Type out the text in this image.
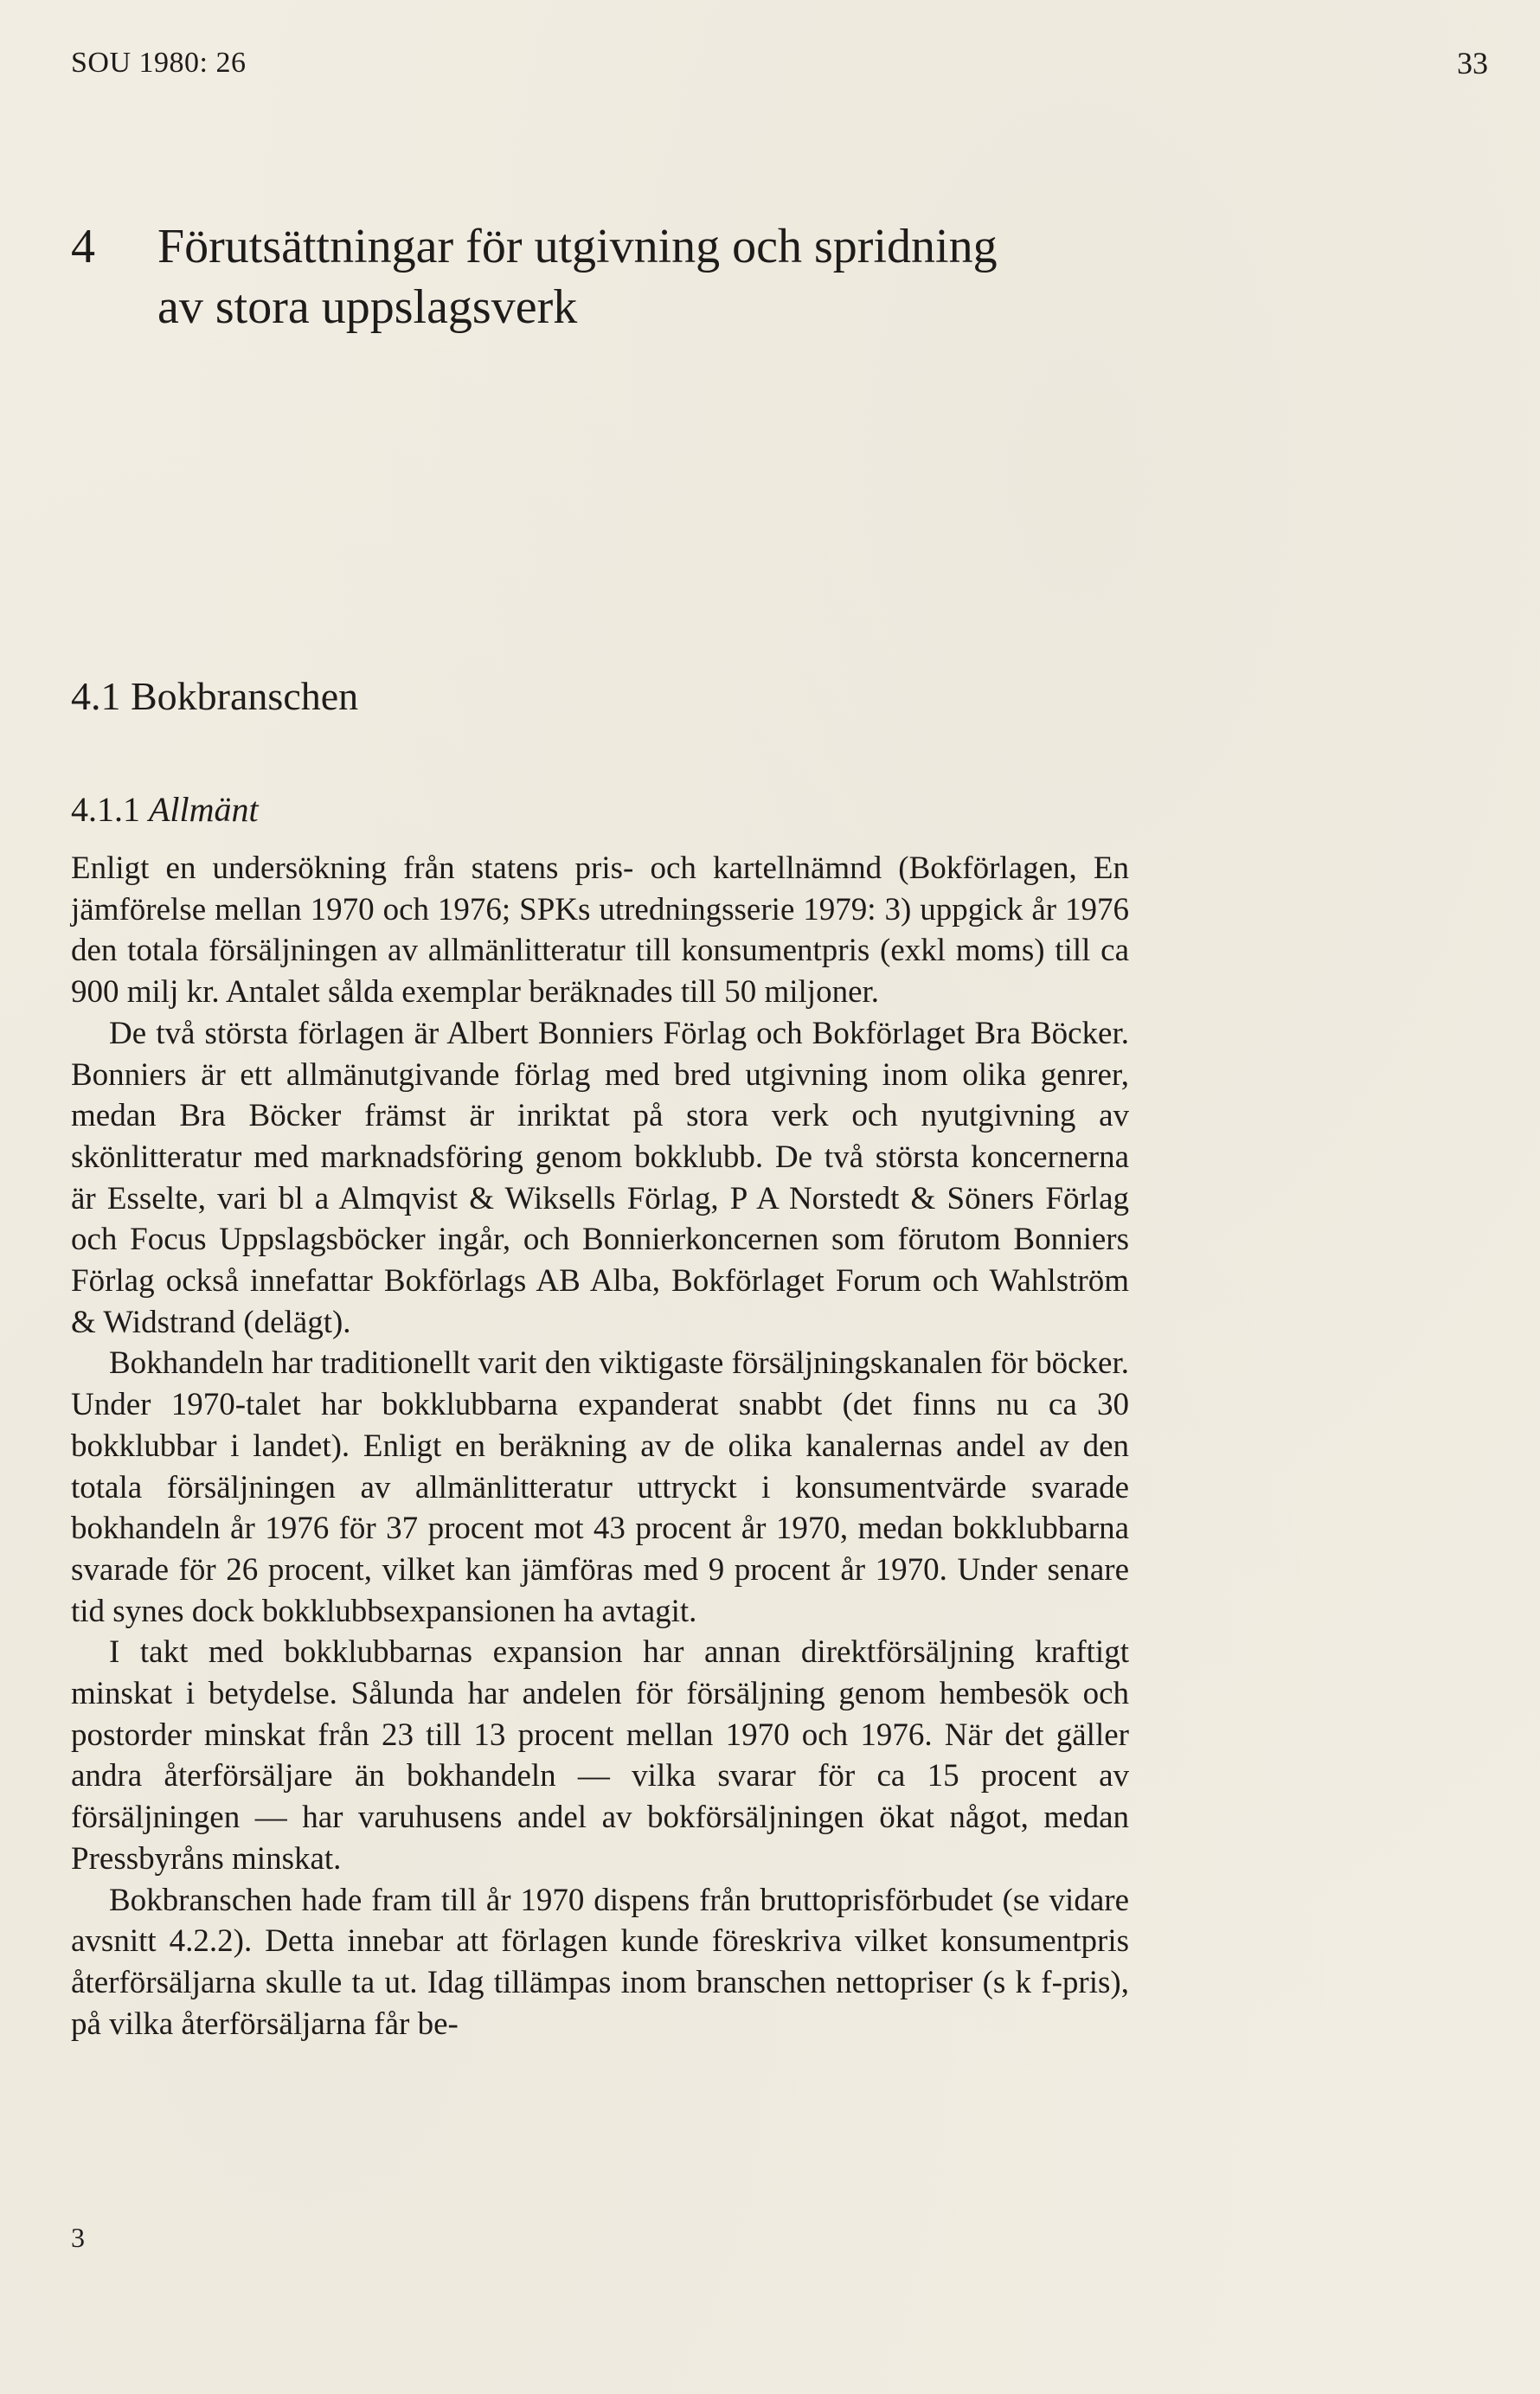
SOU 1980: 26	33
4 Förutsättningar för utgivning och spridning
av stora uppslagsverk
4.1 Bokbranschen
4.1.1 Allmänt

Enligt en undersökning från statens pris- och kartellnämnd (Bokförlagen, En jämförelse mellan 1970 och 1976; SPKs utredningsserie 1979: 3) uppgick år 1976 den totala försäljningen av allmänlitteratur till konsumentpris (exkl moms) till ca 900 milj kr. Antalet sålda exemplar beräknades till 50 miljoner.

De två största förlagen är Albert Bonniers Förlag och Bokförlaget Bra Böcker. Bonniers är ett allmänutgivande förlag med bred utgivning inom olika genrer, medan Bra Böcker främst är inriktat på stora verk och nyutgivning av skönlitteratur med marknadsföring genom bokklubb. De två största koncernerna är Esselte, vari bl a Almqvist & Wiksells Förlag, P A Norstedt & Söners Förlag och Focus Uppslagsböcker ingår, och Bonnierkoncernen som förutom Bonniers Förlag också innefattar Bokförlags AB Alba, Bokförlaget Forum och Wahlström & Widstrand (delägt).

Bokhandeln har traditionellt varit den viktigaste försäljningskanalen för böcker. Under 1970-talet har bokklubbarna expanderat snabbt (det finns nu ca 30 bokklubbar i landet). Enligt en beräkning av de olika kanalernas andel av den totala försäljningen av allmänlitteratur uttryckt i konsumentvärde svarade bokhandeln år 1976 för 37 procent mot 43 procent år 1970, medan bokklubbarna svarade för 26 procent, vilket kan jämföras med 9 procent år 1970. Under senare tid synes dock bokklubbsexpansionen ha avtagit.

I takt med bokklubbarnas expansion har annan direktförsäljning kraftigt minskat i betydelse. Sålunda har andelen för försäljning genom hembesök och postorder minskat från 23 till 13 procent mellan 1970 och 1976. När det gäller andra återförsäljare än bokhandeln — vilka svarar för ca 15 procent av försäljningen — har varuhusens andel av bokförsäljningen ökat något, medan Pressbyråns minskat.

Bokbranschen hade fram till år 1970 dispens från bruttoprisförbudet (se vidare avsnitt 4.2.2). Detta innebar att förlagen kunde föreskriva vilket konsumentpris återförsäljarna skulle ta ut. Idag tillämpas inom branschen nettopriser (s k f-pris), på vilka återförsäljarna får be-

3
